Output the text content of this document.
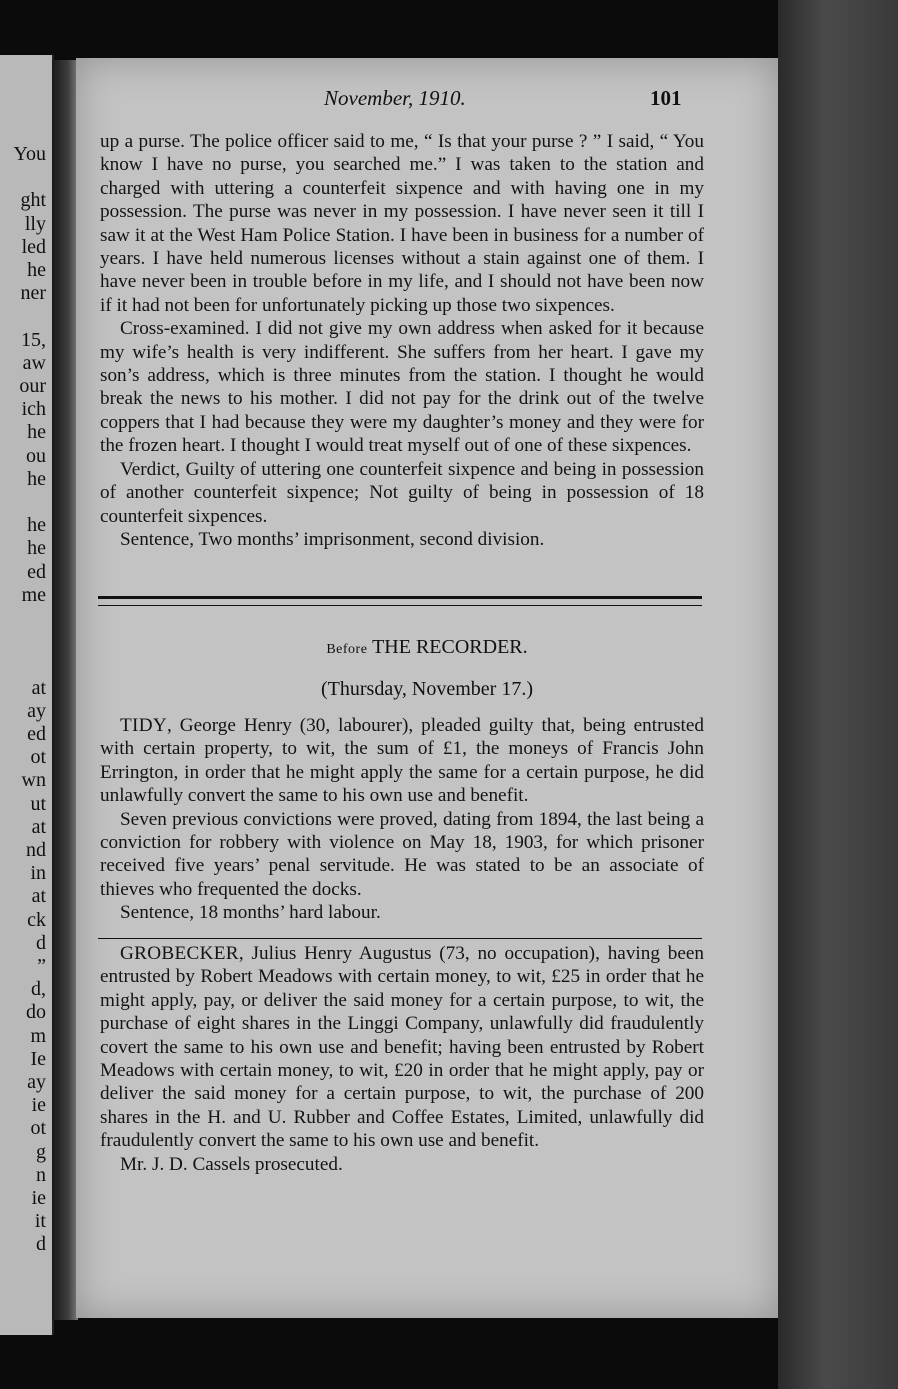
You
ght
lly
led
he
ner
15,
aw
our
ich
he
ou
he
he
he
ed
me
at
ay
ed
ot
wn
ut
at
nd
in
at
ck
d
”
d,
do
m
Ie
ay
ie
ot
g
n
ie
it
d
November, 1910.	101

up a purse. The police officer said to me, “ Is that your purse ? ” I said, “ You know I have no purse, you searched me.” I was taken to the station and charged with uttering a counterfeit sixpence and with having one in my possession. The purse was never in my possession. I have never seen it till I saw it at the West Ham Police Station. I have been in business for a number of years. I have held numerous licenses without a stain against one of them. I have never been in trouble before in my life, and I should not have been now if it had not been for unfortunately picking up those two sixpences.

Cross-examined. I did not give my own address when asked for it because my wife’s health is very indifferent. She suffers from her heart. I gave my son’s address, which is three minutes from the station. I thought he would break the news to his mother. I did not pay for the drink out of the twelve coppers that I had because they were my daughter’s money and they were for the frozen heart. I thought I would treat myself out of one of these sixpences.

Verdict, Guilty of uttering one counterfeit sixpence and being in possession of another counterfeit sixpence; Not guilty of being in possession of 18 counterfeit sixpences.

Sentence, Two months’ imprisonment, second division.

Before THE RECORDER.
(Thursday, November 17.)

TIDY, George Henry (30, labourer), pleaded guilty that, being entrusted with certain property, to wit, the sum of £1, the moneys of Francis John Errington, in order that he might apply the same for a certain purpose, he did unlawfully convert the same to his own use and benefit.

Seven previous convictions were proved, dating from 1894, the last being a conviction for robbery with violence on May 18, 1903, for which prisoner received five years’ penal servitude. He was stated to be an associate of thieves who frequented the docks.

Sentence, 18 months’ hard labour.

GROBECKER, Julius Henry Augustus (73, no occupation), having been entrusted by Robert Meadows with certain money, to wit, £25 in order that he might apply, pay, or deliver the said money for a certain purpose, to wit, the purchase of eight shares in the Linggi Company, unlawfully did fraudulently covert the same to his own use and benefit; having been entrusted by Robert Meadows with certain money, to wit, £20 in order that he might apply, pay or deliver the said money for a certain purpose, to wit, the purchase of 200 shares in the H. and U. Rubber and Coffee Estates, Limited, unlawfully did fraudulently convert the same to his own use and benefit.

Mr. J. D. Cassels prosecuted.
